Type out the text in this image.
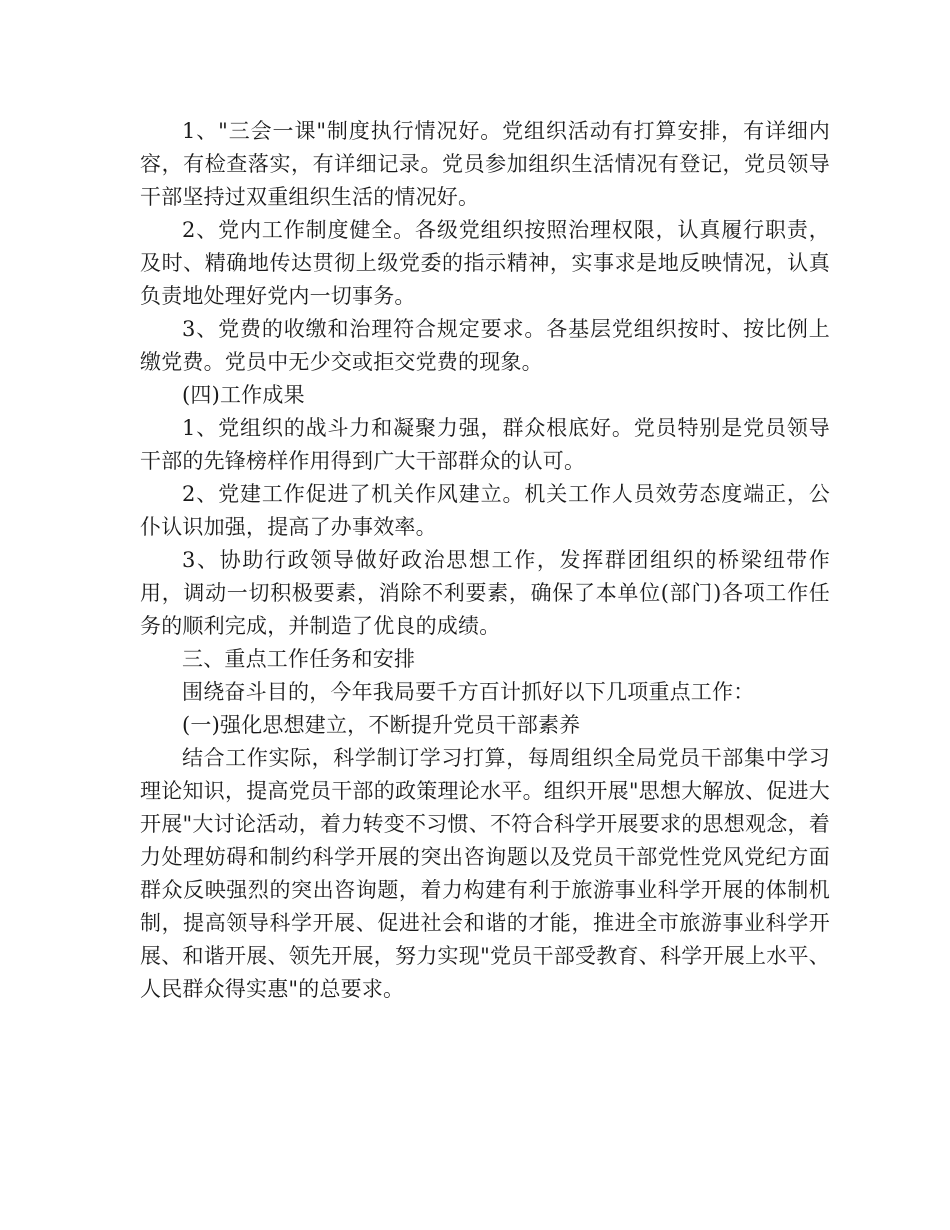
1、"三会一课"制度执行情况好。党组织活动有打算安排，有详细内容，有检查落实，有详细记录。党员参加组织生活情况有登记，党员领导干部坚持过双重组织生活的情况好。

2、党内工作制度健全。各级党组织按照治理权限，认真履行职责，及时、精确地传达贯彻上级党委的指示精神，实事求是地反映情况，认真负责地处理好党内一切事务。

3、党费的收缴和治理符合规定要求。各基层党组织按时、按比例上缴党费。党员中无少交或拒交党费的现象。

(四)工作成果

1、党组织的战斗力和凝聚力强，群众根底好。党员特别是党员领导干部的先锋榜样作用得到广大干部群众的认可。

2、党建工作促进了机关作风建立。机关工作人员效劳态度端正，公仆认识加强，提高了办事效率。

3、协助行政领导做好政治思想工作，发挥群团组织的桥梁纽带作用，调动一切积极要素，消除不利要素，确保了本单位(部门)各项工作任务的顺利完成，并制造了优良的成绩。

三、重点工作任务和安排

围绕奋斗目的，今年我局要千方百计抓好以下几项重点工作：

(一)强化思想建立，不断提升党员干部素养

结合工作实际，科学制订学习打算，每周组织全局党员干部集中学习理论知识，提高党员干部的政策理论水平。组织开展"思想大解放、促进大开展"大讨论活动，着力转变不习惯、不符合科学开展要求的思想观念，着力处理妨碍和制约科学开展的突出咨询题以及党员干部党性党风党纪方面群众反映强烈的突出咨询题，着力构建有利于旅游事业科学开展的体制机制，提高领导科学开展、促进社会和谐的才能，推进全市旅游事业科学开展、和谐开展、领先开展，努力实现"党员干部受教育、科学开展上水平、人民群众得实惠"的总要求。
